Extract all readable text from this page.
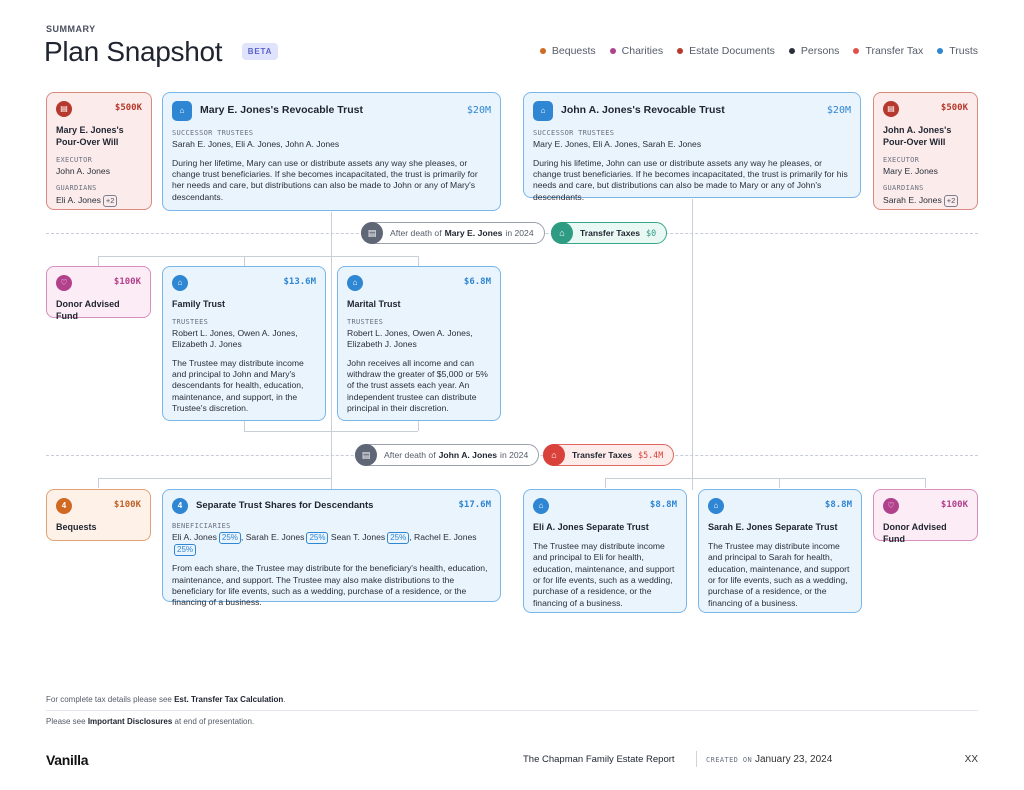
SUMMARY
Plan Snapshot	BETA	Bequests Charities Estate Documents Persons Transfer Tax Trusts
▤	$500K
Mary E. Jones's
Pour-Over Will
EXECUTOR
John A. Jones
GUARDIANS
Eli A. Jones +2
⌂	Mary E. Jones's Revocable Trust	$20M
SUCCESSOR TRUSTEES
Sarah E. Jones, Eli A. Jones, John A. Jones
During her lifetime, Mary can use or distribute assets any way she pleases, or change trust beneficiaries. If she becomes incapacitated, the trust is primarily for her needs and care, but distributions can also be made to John or any of Mary's descendants.
⌂	John A. Jones's Revocable Trust	$20M
SUCCESSOR TRUSTEES
Mary E. Jones, Eli A. Jones, Sarah E. Jones
During his lifetime, John can use or distribute assets any way he pleases, or change trust beneficiaries. If he becomes incapacitated, the trust is primarily for his needs and care, but distributions can also be made to Mary or any of John's descendants.
▤	$500K
John A. Jones's
Pour-Over Will
EXECUTOR
Mary E. Jones
GUARDIANS
Sarah E. Jones +2
▤	After death of Mary E. Jones in 2024	⌂	Transfer Taxes $0
♡	$100K
Donor Advised Fund
⌂	$13.6M
Family Trust
TRUSTEES
Robert L. Jones, Owen A. Jones, Elizabeth J. Jones
The Trustee may distribute income and principal to John and Mary's descendants for health, education, maintenance, and support, in the Trustee's discretion.
⌂	$6.8M
Marital Trust
TRUSTEES
Robert L. Jones, Owen A. Jones, Elizabeth J. Jones
John receives all income and can withdraw the greater of $5,000 or 5% of the trust assets each year. An independent trustee can distribute principal in their discretion.
▤	After death of John A. Jones in 2024	⌂	Transfer Taxes $5.4M
4	$100K
Bequests
4	Separate Trust Shares for Descendants	$17.6M
BENEFICIARIES
Eli A. Jones 25% , Sarah E. Jones 25% Sean T. Jones 25% , Rachel E. Jones25%
From each share, the Trustee may distribute for the beneficiary's health, education, maintenance, and support. The Trustee may also make distributions to the beneficiary for life events, such as a wedding, purchase of a residence, or the financing of a business.
⌂	$8.8M
Eli A. Jones Separate Trust
The Trustee may distribute income and principal to Eli for health, education, maintenance, and support or for life events, such as a wedding, purchase of a residence, or the financing of a business.
⌂	$8.8M
Sarah E. Jones Separate Trust
The Trustee may distribute income and principal to Sarah for health, education, maintenance, and support or for life events, such as a wedding, purchase of a residence, or the financing of a business.
♡	$100K
Donor Advised Fund
For complete tax details please see Est. Transfer Tax Calculation.
Please see Important Disclosures at end of presentation.
Vanilla	The Chapman Family Estate Report	CREATED ON January 23, 2024	XX
